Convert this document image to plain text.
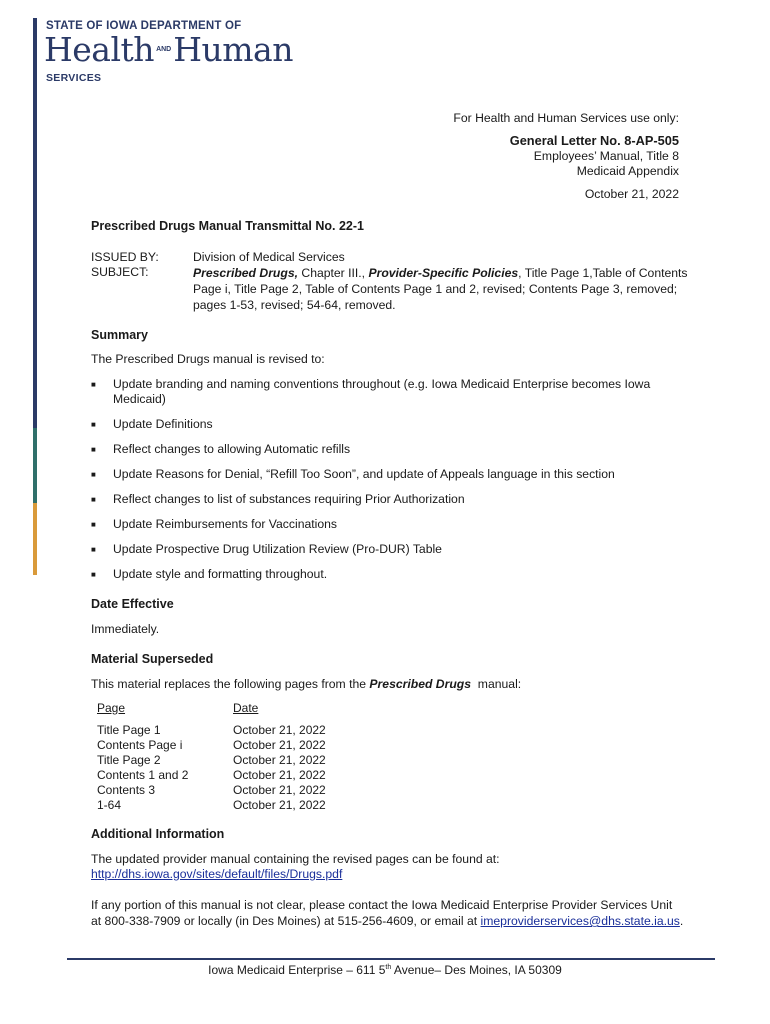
STATE OF IOWA DEPARTMENT OF
Health $^{AND}$Human
SERVICES
For Health and Human Services use only:
General Letter No. 8-AP-505
Employees’ Manual, Title 8
Medicaid Appendix
October 21, 2022
Prescribed Drugs Manual Transmittal No. 22-1
ISSUED BY:	Division of Medical Services
SUBJECT:	Prescribed Drugs, Chapter III., Provider-Specific Policies, Title Page 1,Table of Contents
Page i, Title Page 2, Table of Contents Page 1 and 2, revised; Contents Page 3, removed;
pages 1-53, revised; 54-64, removed.
Summary
The Prescribed Drugs manual is revised to:
■ Update branding and naming conventions throughout (e.g. Iowa Medicaid Enterprise becomes Iowa Medicaid)
■ Update Definitions
■ Reflect changes to allowing Automatic refills
■ Update Reasons for Denial, “Refill Too Soon”, and update of Appeals language in this section
■ Reflect changes to list of substances requiring Prior Authorization
■ Update Reimbursements for Vaccinations
■ Update Prospective Drug Utilization Review (Pro-DUR) Table
■ Update style and formatting throughout.
Date Effective
Immediately.
Material Superseded
This material replaces the following pages from the Prescribed Drugs  manual:
Page	Date
Title Page 1	October 21, 2022
Contents Page i	October 21, 2022
Title Page 2	October 21, 2022
Contents 1 and 2	October 21, 2022
Contents 3	October 21, 2022
1-64	October 21, 2022
Additional Information
The updated provider manual containing the revised pages can be found at:
http://dhs.iowa.gov/sites/default/files/Drugs.pdf
If any portion of this manual is not clear, please contact the Iowa Medicaid Enterprise Provider Services Unit
at 800-338-7909 or locally (in Des Moines) at 515-256-4609, or email at imeproviderservices@dhs.state.ia.us.
Iowa Medicaid Enterprise – 611 5th Avenue– Des Moines, IA 50309
